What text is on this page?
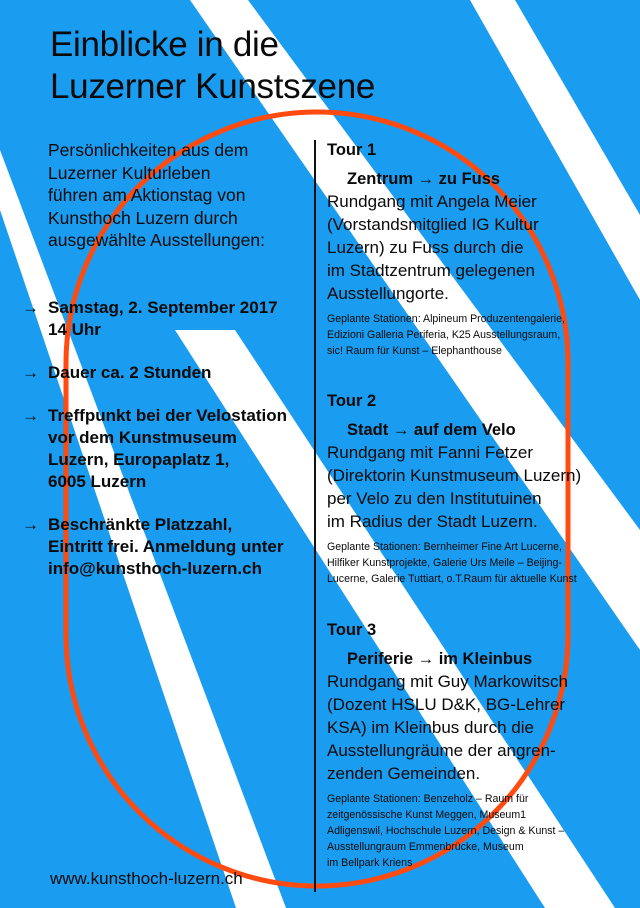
Einblicke in die
Luzerner Kunstszene
Persönlichkeiten aus dem
Luzerner Kulturleben
führen am Aktionstag von
Kunsthoch Luzern durch
ausgewählte Ausstellungen:
→ Samstag, 2. September 2017
14 Uhr
→ Dauer ca. 2 Stunden
→ Treffpunkt bei der Velostation
vor dem Kunstmuseum
Luzern, Europaplatz 1,
6005 Luzern
→ Beschränkte Platzzahl,
Eintritt frei. Anmeldung unter
info@kunsthoch-luzern.ch
Tour 1
Zentrum → zu Fuss
Rundgang mit Angela Meier
(Vorstandsmitglied IG Kultur
Luzern) zu Fuss durch die
im Stadtzentrum gelegenen
Ausstellungorte.
Geplante Stationen: Alpineum Produzentengalerie,
Edizioni Galleria Periferia, K25 Ausstellungsraum,
sic! Raum für Kunst – Elephanthouse
Tour 2
Stadt → auf dem Velo
Rundgang mit Fanni Fetzer
(Direktorin Kunstmuseum Luzern)
per Velo zu den Institutuinen
im Radius der Stadt Luzern.
Geplante Stationen: Bernheimer Fine Art Lucerne,
Hilfiker Kunstprojekte, Galerie Urs Meile – Beijing-
Lucerne, Galerie Tuttiart, o.T.Raum für aktuelle Kunst
Tour 3
Periferie → im Kleinbus
Rundgang mit Guy Markowitsch
(Dozent HSLU D&K, BG-Lehrer
KSA) im Kleinbus durch die
Ausstellungräume der angren-
zenden Gemeinden.
Geplante Stationen: Benzeholz – Raum für
zeitgenössische Kunst Meggen, Museum1
Adligenswil, Hochschule Luzern, Design & Kunst –
Ausstellungraum Emmenbrücke, Museum
im Bellpark Kriens
www.kunsthoch-luzern.ch
